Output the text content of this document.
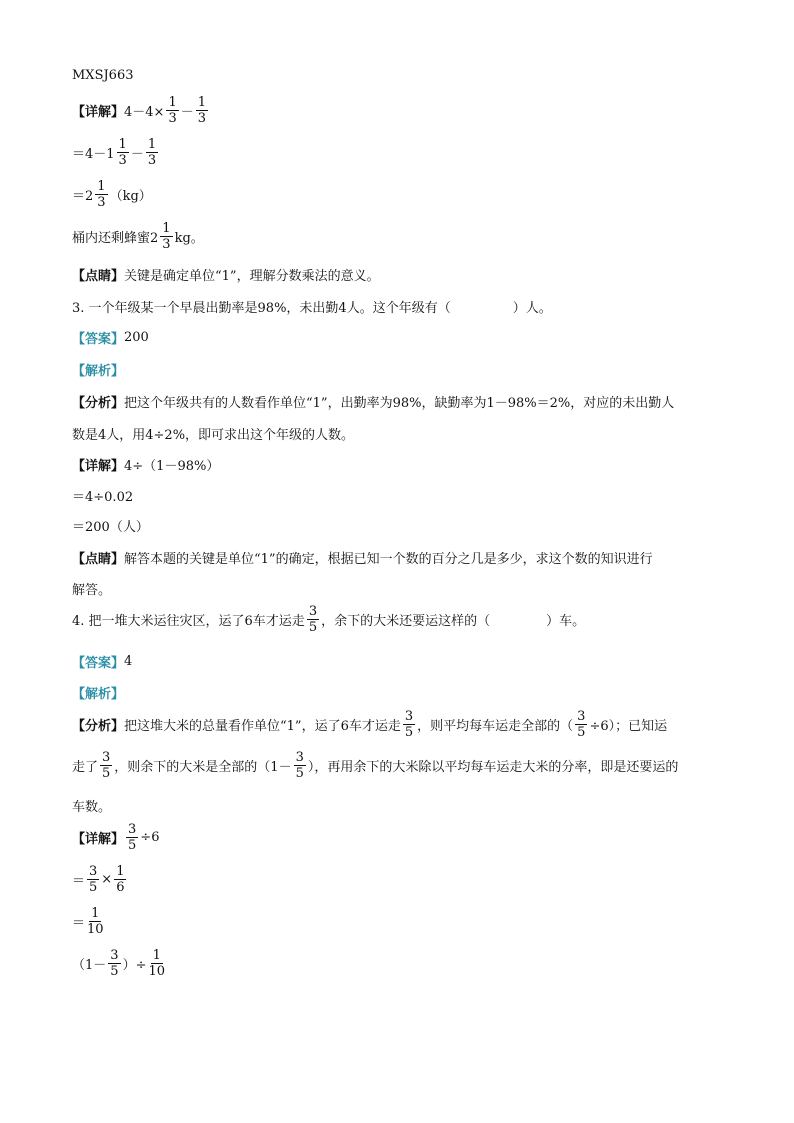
MXSJ663
【详解】 $4-4\times \frac{1}{3} - \frac{1}{3}$
$=4-1 \frac{1}{3} - \frac{1}{3}$
$=2 \frac{1}{3} (kg)$
桶内还剩蜂蜜$2 \frac{1}{3}$ kg。
【点睛】 关键是确定单位“1”，理解分数乘法的意义。
3. 一个年级某一个早晨出勤率是98%，未出勤4人。这个年级有（	）人。
【答案】 200
【解析】
【分析】 把这个年级共有的人数看作单位“1”，出勤率为98%，缺勤率为1－98%＝2%，对应的未出勤人
数是4人，用4÷2%，即可求出这个年级的人数。
【详解】 4÷（1－98%）
＝4÷0.02
＝200（人）
【点睛】 解答本题的关键是单位“1”的确定，根据已知一个数的百分之几是多少，求这个数的知识进行
解答。
4. 把一堆大米运往灾区，运了6车才运走 $\frac{3}{5}$ ，余下的大米还要运这样的（	）车。
【答案】 4
【解析】
【分析】 把这堆大米的总量看作单位“1”，运了6车才运走 $\frac{3}{5}$ ，则平均每车运走全部的（ $\frac{3}{5} \div 6$）；已知运
走了 $\frac{3}{5}$ ，则余下的大米是全部的（$1- \frac{3}{5}$ ），再用余下的大米除以平均每车运走大米的分率，即是还要运的
车数。
【详解】 $\frac{3}{5} \div 6$
＝ $\frac{3}{5} \times \frac{1}{6}$
＝ $\frac{1}{10}$
（$1- \frac{3}{5}$ ）÷ $\frac{1}{10}$
